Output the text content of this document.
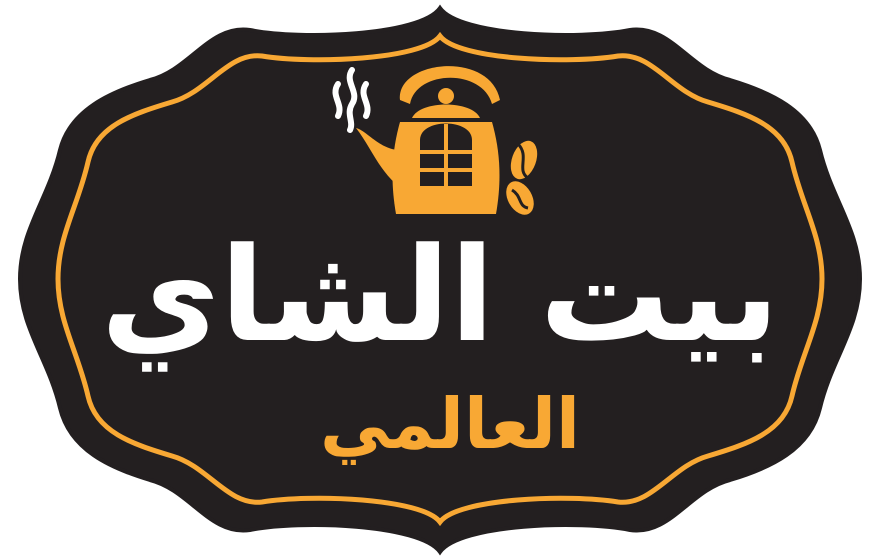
بيت الشاي
العالمي
